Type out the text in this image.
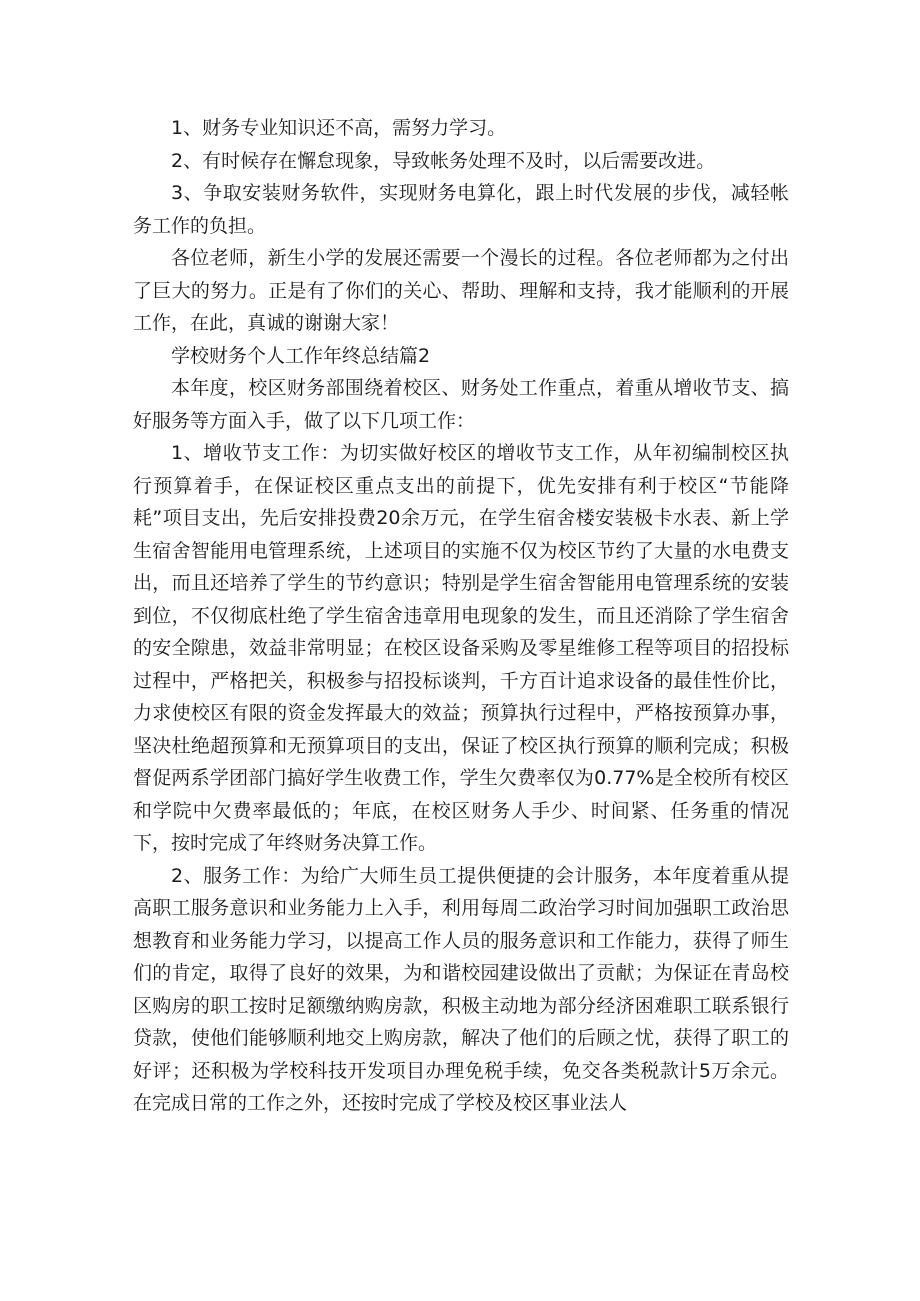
1、财务专业知识还不高，需努力学习。

2、有时候存在懈怠现象，导致帐务处理不及时，以后需要改进。

3、争取安装财务软件，实现财务电算化，跟上时代发展的步伐，减轻帐务工作的负担。

各位老师，新生小学的发展还需要一个漫长的过程。各位老师都为之付出了巨大的努力。正是有了你们的关心、帮助、理解和支持，我才能顺利的开展工作，在此，真诚的谢谢大家！

学校财务个人工作年终总结篇2

本年度，校区财务部围绕着校区、财务处工作重点，着重从增收节支、搞好服务等方面入手，做了以下几项工作：

1、增收节支工作：为切实做好校区的增收节支工作，从年初编制校区执行预算着手，在保证校区重点支出的前提下，优先安排有利于校区“节能降耗”项目支出，先后安排投费20余万元，在学生宿舍楼安装极卡水表、新上学生宿舍智能用电管理系统，上述项目的实施不仅为校区节约了大量的水电费支出，而且还培养了学生的节约意识；特别是学生宿舍智能用电管理系统的安装到位，不仅彻底杜绝了学生宿舍违章用电现象的发生，而且还消除了学生宿舍的安全隙患，效益非常明显；在校区设备采购及零星维修工程等项目的招投标过程中，严格把关，积极参与招投标谈判，千方百计追求设备的最佳性价比，力求使校区有限的资金发挥最大的效益；预算执行过程中，严格按预算办事，坚决杜绝超预算和无预算项目的支出，保证了校区执行预算的顺利完成；积极督促两系学团部门搞好学生收费工作，学生欠费率仅为0.77%是全校所有校区和学院中欠费率最低的；年底，在校区财务人手少、时间紧、任务重的情况下，按时完成了年终财务决算工作。

2、服务工作：为给广大师生员工提供便捷的会计服务，本年度着重从提高职工服务意识和业务能力上入手，利用每周二政治学习时间加强职工政治思想教育和业务能力学习，以提高工作人员的服务意识和工作能力，获得了师生们的肯定，取得了良好的效果，为和谐校园建设做出了贡献；为保证在青岛校区购房的职工按时足额缴纳购房款，积极主动地为部分经济困难职工联系银行贷款，使他们能够顺利地交上购房款，解决了他们的后顾之忧，获得了职工的好评；还积极为学校科技开发项目办理免税手续，免交各类税款计5万余元。在完成日常的工作之外，还按时完成了学校及校区事业法人
